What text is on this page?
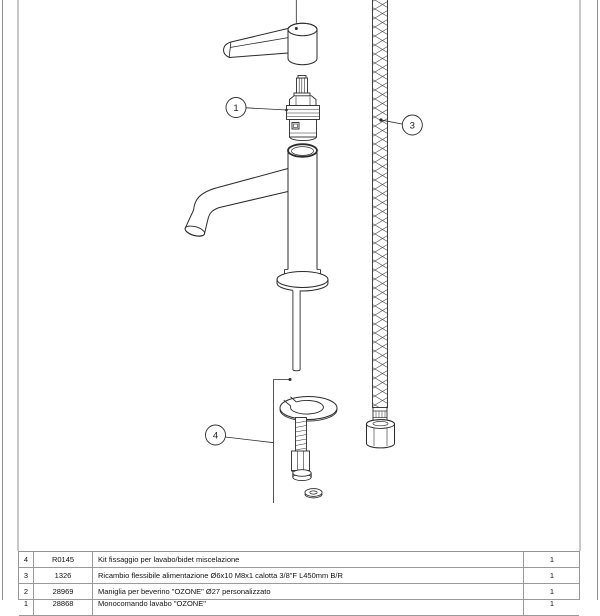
1
4
3
4	R0145	Kit fissaggio per lavabo/bidet miscelazione	1
3	1326	Ricambio flessibile alimentazione Ø6x10 M8x1 calotta 3/8"F L450mm B/R	1
2	28969	Maniglia per beverino "OZONE" Ø27 personalizzato	1
1	28868	Monocomando lavabo "OZONE"	1
